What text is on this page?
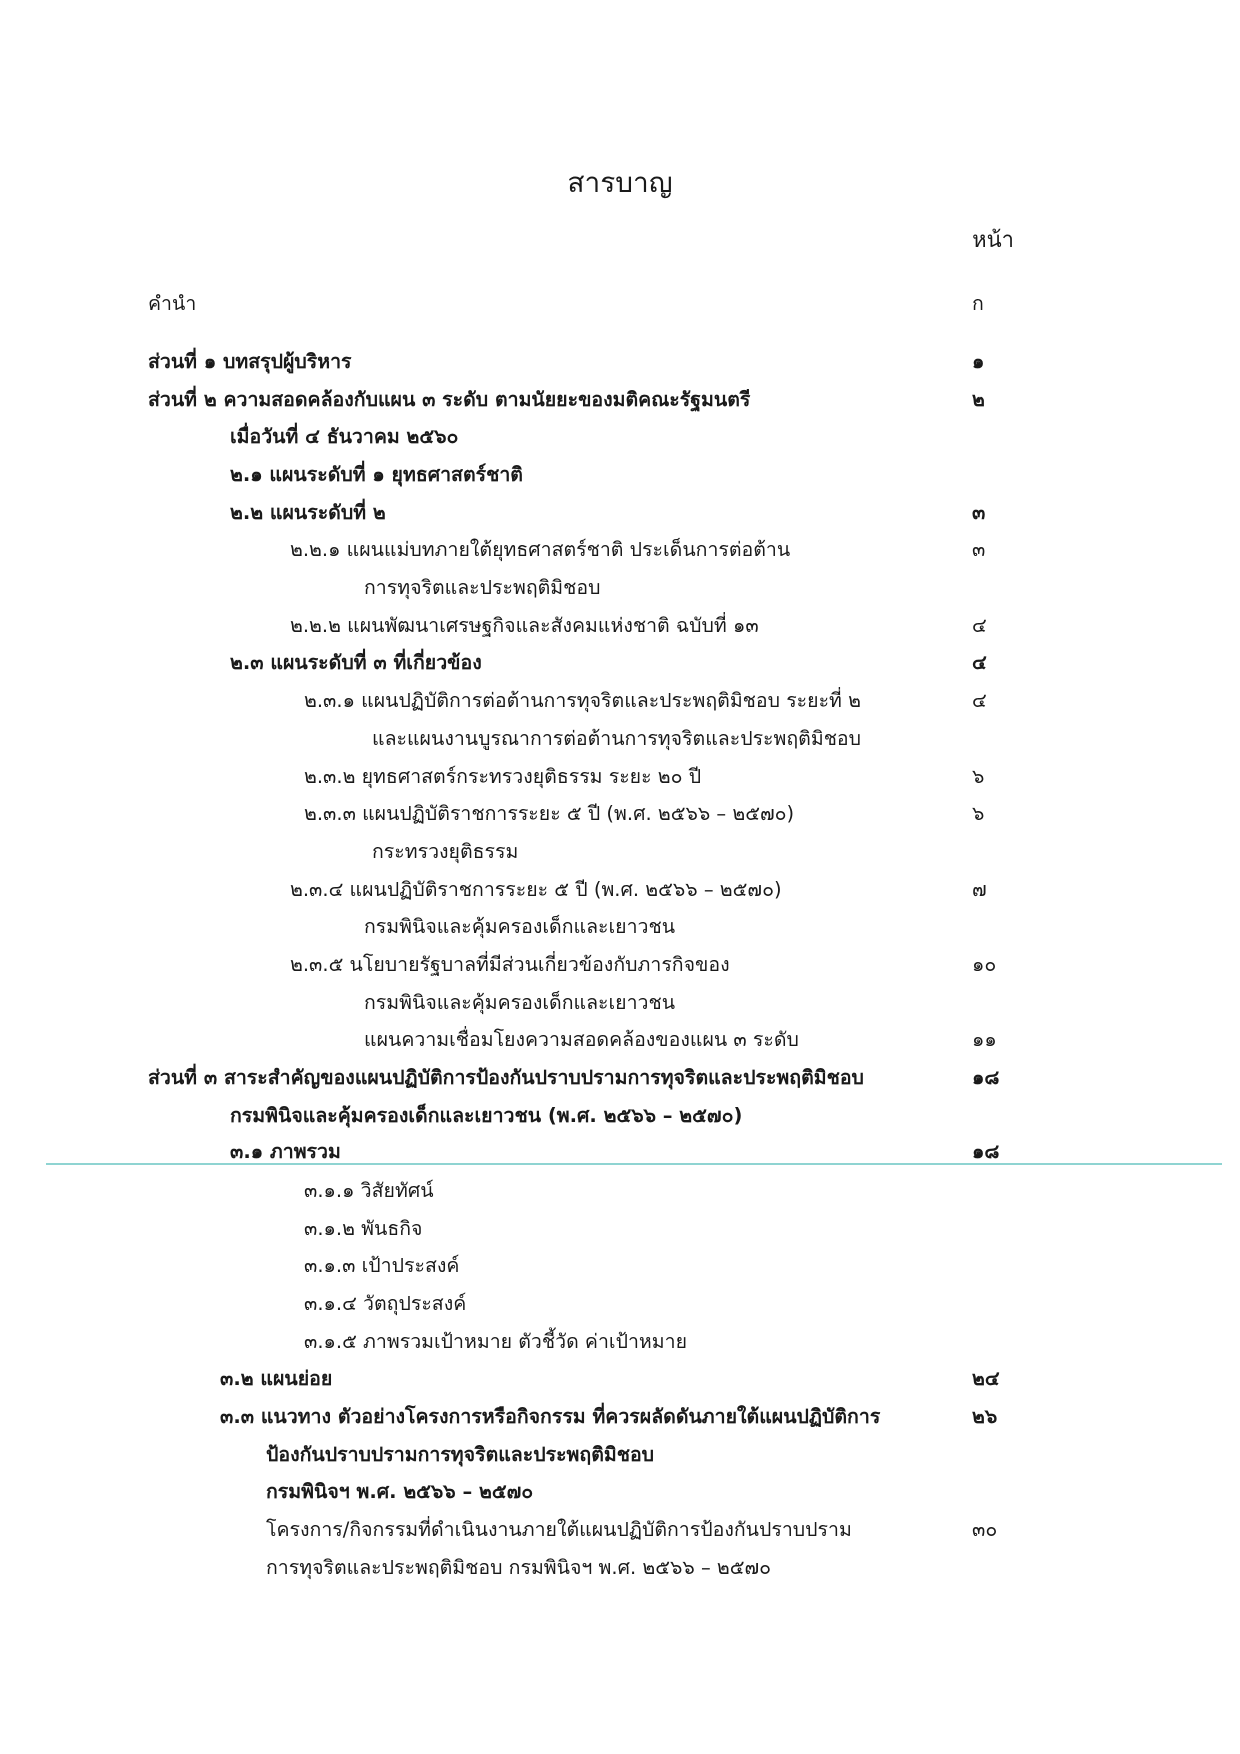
สารบาญ
หน้า
คำนำ	ก
ส่วนที่ ๑ บทสรุปผู้บริหาร	๑
ส่วนที่ ๒ ความสอดคล้องกับแผน ๓ ระดับ ตามนัยยะของมติคณะรัฐมนตรี	๒
เมื่อวันที่ ๔ ธันวาคม ๒๕๖๐
๒.๑ แผนระดับที่ ๑ ยุทธศาสตร์ชาติ
๒.๒ แผนระดับที่ ๒	๓
๒.๒.๑ แผนแม่บทภายใต้ยุทธศาสตร์ชาติ ประเด็นการต่อต้าน	๓
การทุจริตและประพฤติมิชอบ
๒.๒.๒ แผนพัฒนาเศรษฐกิจและสังคมแห่งชาติ ฉบับที่ ๑๓	๔
๒.๓ แผนระดับที่ ๓ ที่เกี่ยวข้อง	๔
๒.๓.๑ แผนปฏิบัติการต่อต้านการทุจริตและประพฤติมิชอบ ระยะที่ ๒	๔
และแผนงานบูรณาการต่อต้านการทุจริตและประพฤติมิชอบ
๒.๓.๒ ยุทธศาสตร์กระทรวงยุติธรรม ระยะ ๒๐ ปี	๖
๒.๓.๓ แผนปฏิบัติราชการระยะ ๕ ปี (พ.ศ. ๒๕๖๖ – ๒๕๗๐)	๖
กระทรวงยุติธรรม
๒.๓.๔ แผนปฏิบัติราชการระยะ ๕ ปี (พ.ศ. ๒๕๖๖ – ๒๕๗๐)	๗
กรมพินิจและคุ้มครองเด็กและเยาวชน
๒.๓.๕ นโยบายรัฐบาลที่มีส่วนเกี่ยวข้องกับภารกิจของ	๑๐
กรมพินิจและคุ้มครองเด็กและเยาวชน
แผนความเชื่อมโยงความสอดคล้องของแผน ๓ ระดับ	๑๑
ส่วนที่ ๓ สาระสำคัญของแผนปฏิบัติการป้องกันปราบปรามการทุจริตและประพฤติมิชอบ	๑๘
กรมพินิจและคุ้มครองเด็กและเยาวชน (พ.ศ. ๒๕๖๖ – ๒๕๗๐)
๓.๑ ภาพรวม	๑๘
๓.๑.๑ วิสัยทัศน์
๓.๑.๒ พันธกิจ
๓.๑.๓ เป้าประสงค์
๓.๑.๔ วัตถุประสงค์
๓.๑.๕ ภาพรวมเป้าหมาย ตัวชี้วัด ค่าเป้าหมาย
๓.๒ แผนย่อย	๒๔
๓.๓ แนวทาง ตัวอย่างโครงการหรือกิจกรรม ที่ควรผลัดดันภายใต้แผนปฏิบัติการ	๒๖
ป้องกันปราบปรามการทุจริตและประพฤติมิชอบ
กรมพินิจฯ พ.ศ. ๒๕๖๖ – ๒๕๗๐
โครงการ/กิจกรรมที่ดำเนินงานภายใต้แผนปฏิบัติการป้องกันปราบปราม	๓๐
การทุจริตและประพฤติมิชอบ กรมพินิจฯ พ.ศ. ๒๕๖๖ – ๒๕๗๐
